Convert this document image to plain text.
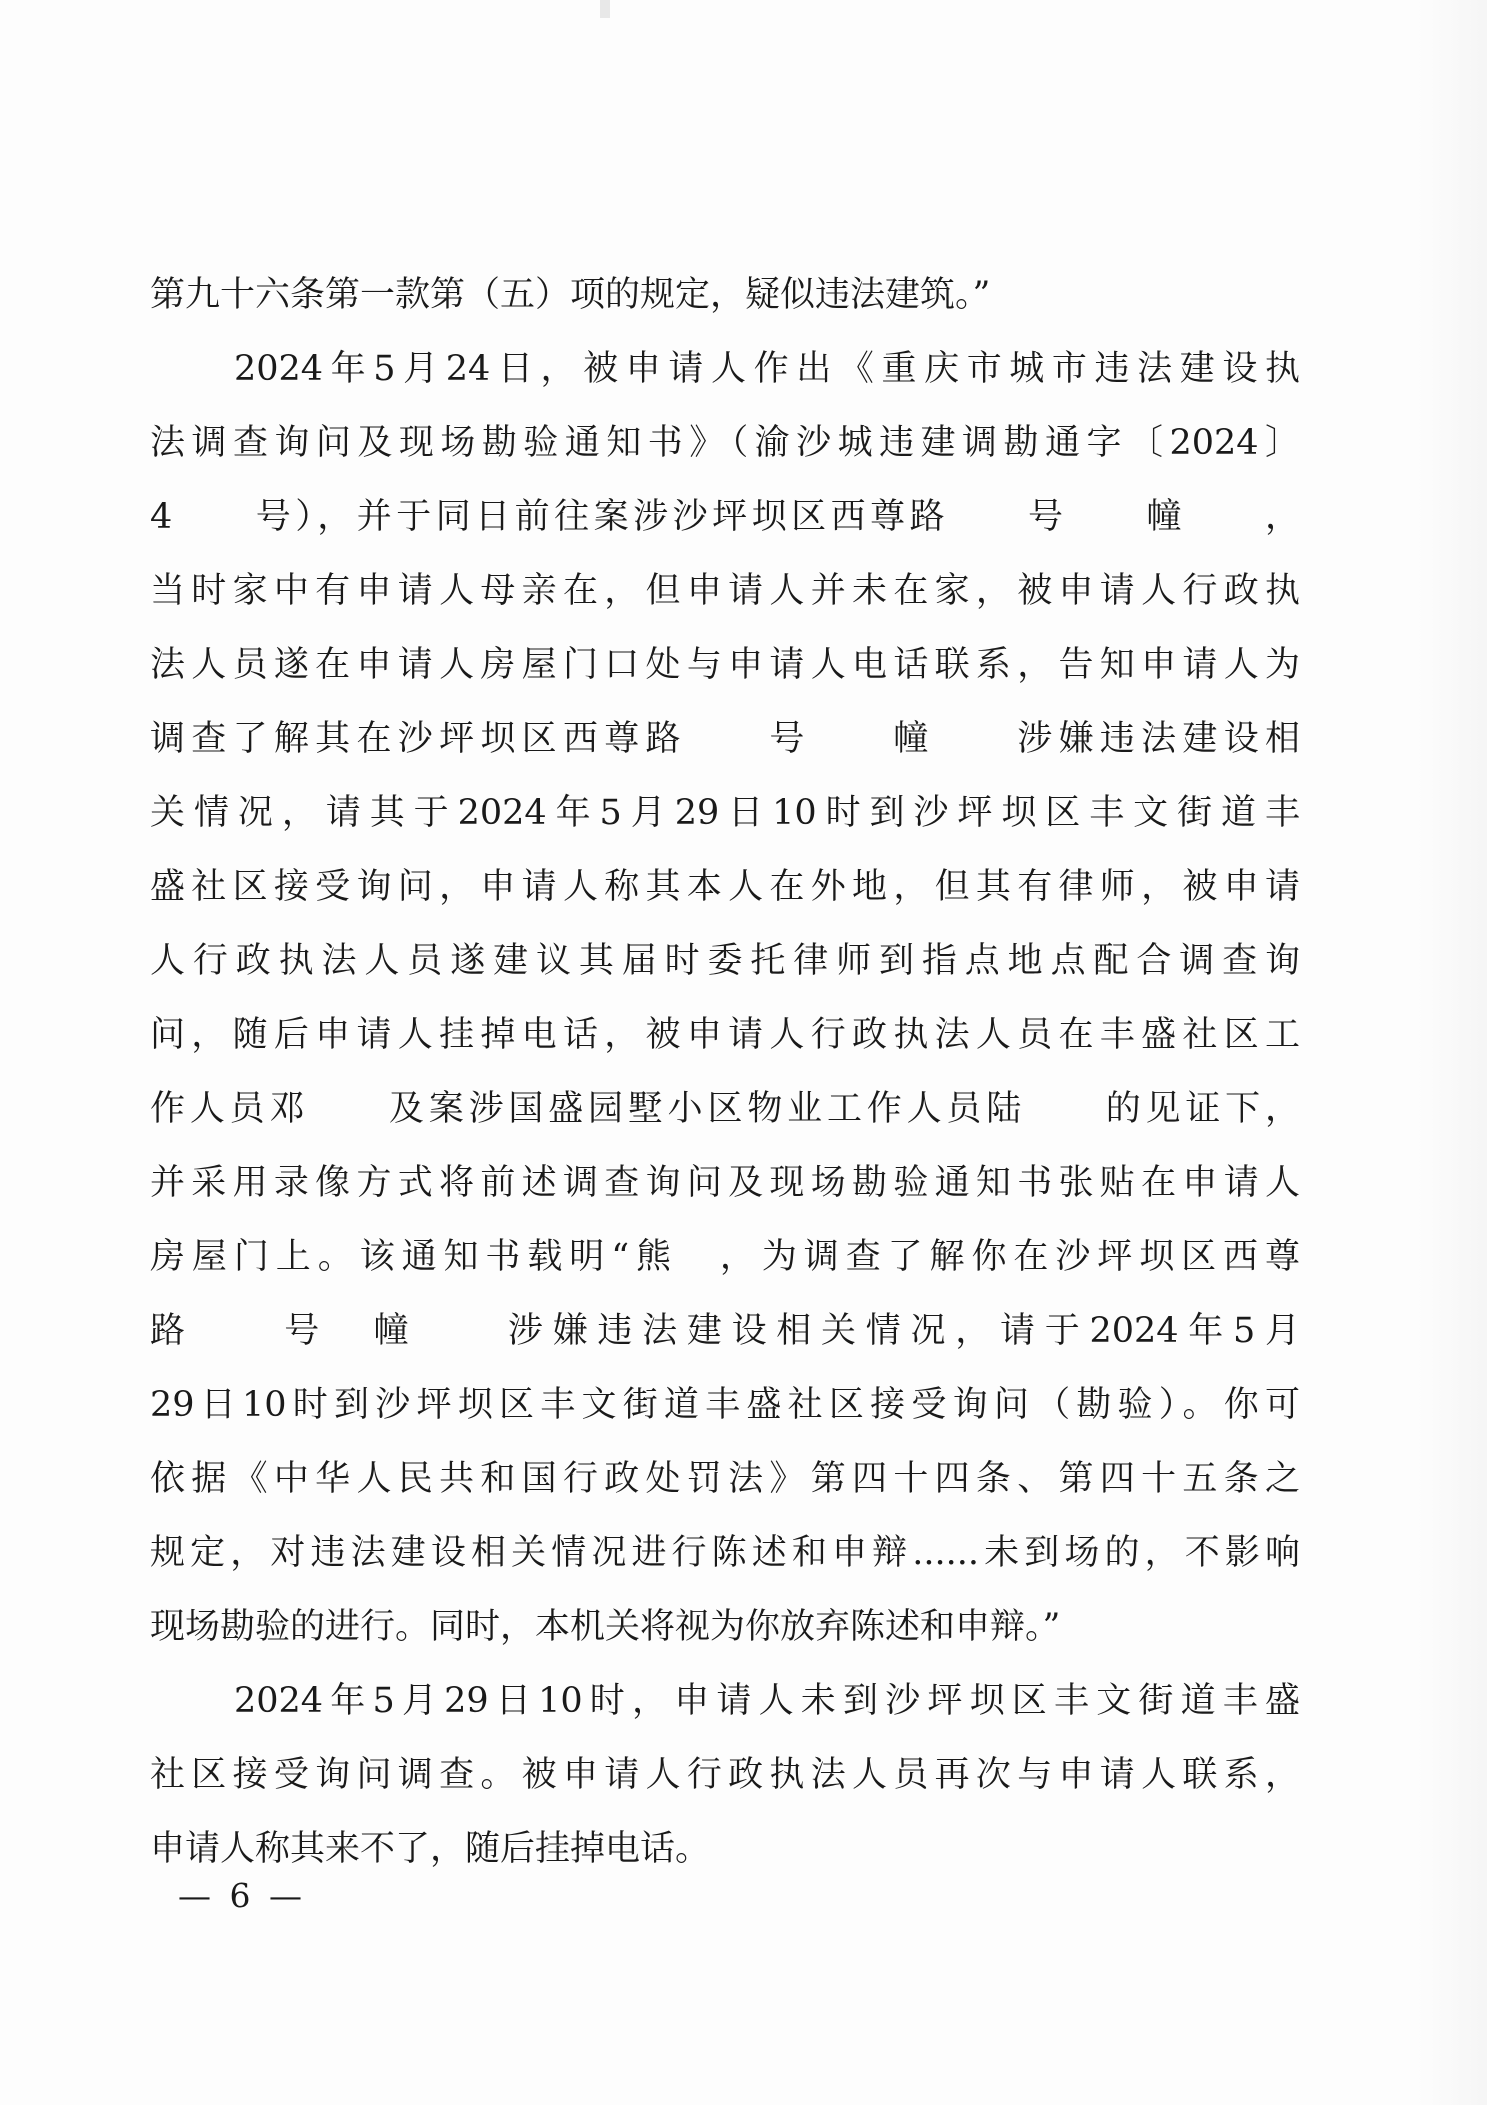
第九十六条第一款第（五）项的规定，疑似违法建筑。”
2024年5月24日，被申请人作出《重庆市城市违法建设执
法调查询问及现场勘验通知书》（渝沙城违建调勘通字〔2024〕
4　　号），并于同日前往案涉沙坪坝区西尊路　　号　　幢　　，
当时家中有申请人母亲在，但申请人并未在家，被申请人行政执
法人员遂在申请人房屋门口处与申请人电话联系，告知申请人为
调查了解其在沙坪坝区西尊路　　号　　幢　　涉嫌违法建设相
关情况，请其于2024年5月29日10时到沙坪坝区丰文街道丰
盛社区接受询问，申请人称其本人在外地，但其有律师，被申请
人行政执法人员遂建议其届时委托律师到指点地点配合调查询
问，随后申请人挂掉电话，被申请人行政执法人员在丰盛社区工
作人员邓　　及案涉国盛园墅小区物业工作人员陆　　的见证下，
并采用录像方式将前述调查询问及现场勘验通知书张贴在申请人
房屋门上。该通知书载明“熊　，为调查了解你在沙坪坝区西尊
路　　号　幢　　涉嫌违法建设相关情况，请于2024年5月
29日10时到沙坪坝区丰文街道丰盛社区接受询问（勘验）。你可
依据《中华人民共和国行政处罚法》第四十四条、第四十五条之
规定，对违法建设相关情况进行陈述和申辩......未到场的，不影响
现场勘验的进行。同时，本机关将视为你放弃陈述和申辩。”
2024年5月29日10时，申请人未到沙坪坝区丰文街道丰盛
社区接受询问调查。被申请人行政执法人员再次与申请人联系，
申请人称其来不了，随后挂掉电话。
— 6 —
